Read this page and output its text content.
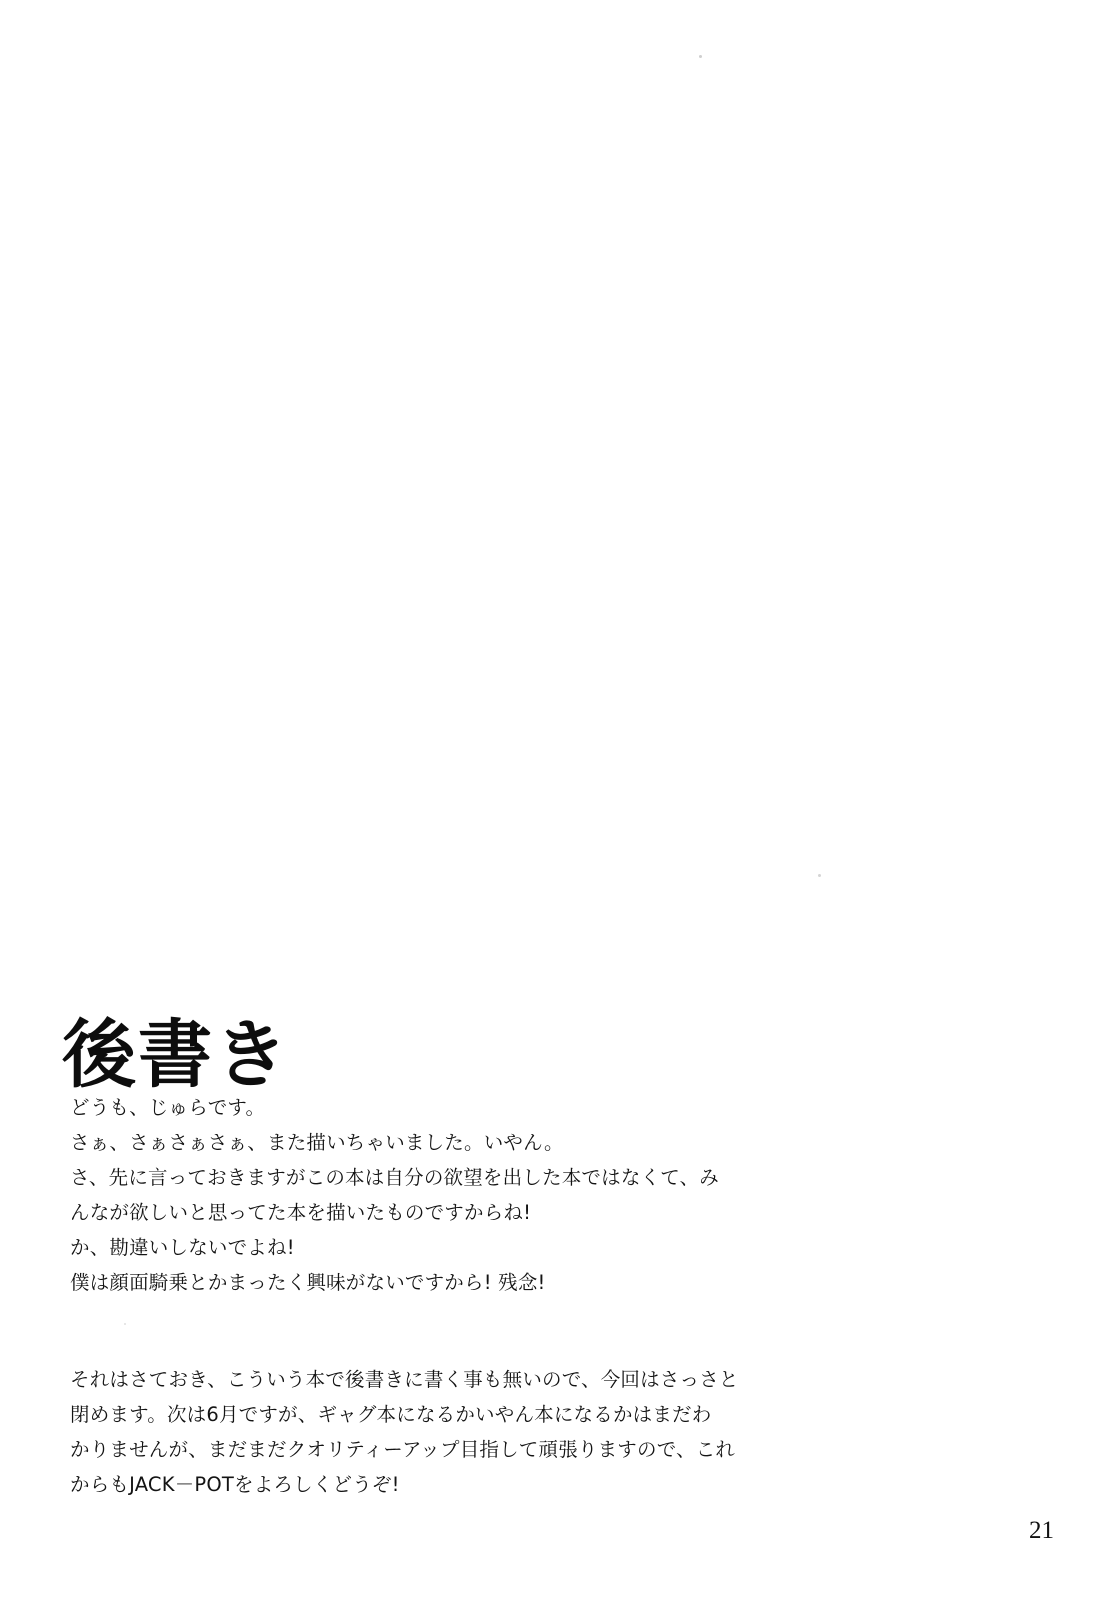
後書き

どうも、じゅらです。

さぁ、さぁさぁさぁ、また描いちゃいました。いやん。

さ、先に言っておきますがこの本は自分の欲望を出した本ではなくて、み

んなが欲しいと思ってた本を描いたものですからね!

か、勘違いしないでよね!

僕は顔面騎乗とかまったく興味がないですから! 残念!

それはさておき、こういう本で後書きに書く事も無いので、今回はさっさと

閉めます。次は6月ですが、ギャグ本になるかいやん本になるかはまだわ

かりませんが、まだまだクオリティーアップ目指して頑張りますので、これ

からもJACK－POTをよろしくどうぞ!

21
